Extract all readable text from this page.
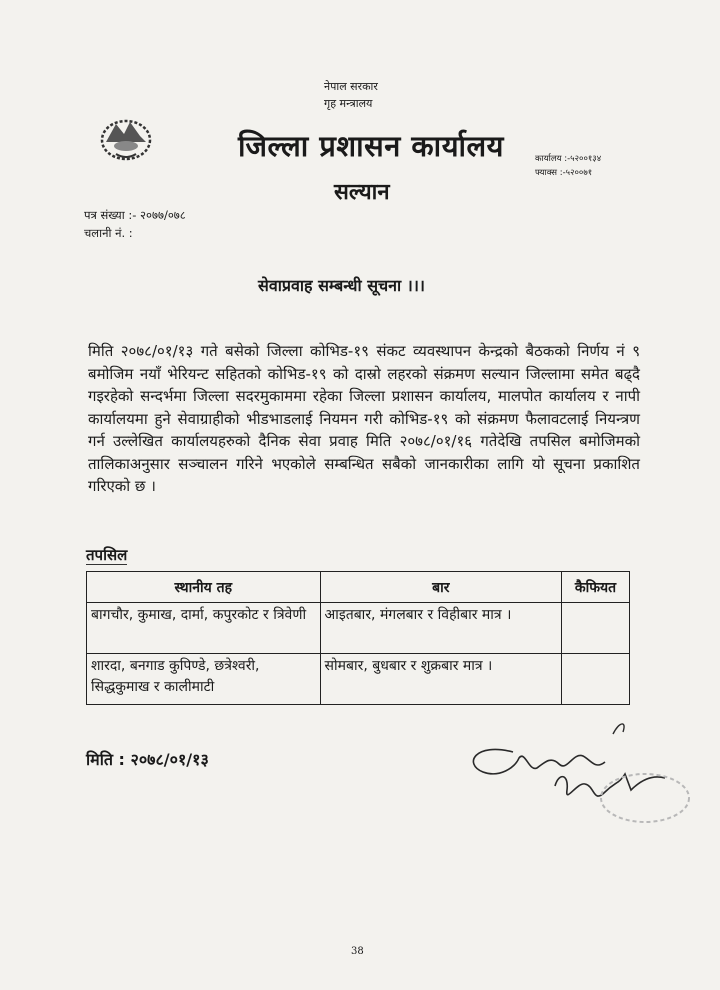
नेपाल सरकार
गृह मन्त्रालय
जिल्ला प्रशासन कार्यालय
सल्यान
कार्यालय :-५२००१३४
फ्याक्स :-५२००७१
पत्र संख्या :- २०७७/०७८
चलानी नं. :
सेवाप्रवाह सम्बन्धी सूचना ।।।
मिति २०७८/०१/१३ गते बसेको जिल्ला कोभिड-१९ संकट व्यवस्थापन केन्द्रको बैठकको निर्णय नं ९ बमोजिम नयाँ भेरियन्ट सहितको कोभिड-१९ को दास्रो लहरको संक्रमण सल्यान जिल्लामा समेत बढ्दै गइरहेको सन्दर्भमा जिल्ला सदरमुकाममा रहेका जिल्ला प्रशासन कार्यालय, मालपोत कार्यालय र नापी कार्यालयमा हुने सेवाग्राहीको भीडभाडलाई नियमन गरी कोभिड-१९ को संक्रमण फैलावटलाई नियन्त्रण गर्न उल्लेखित कार्यालयहरुको दैनिक सेवा प्रवाह मिति २०७८/०१/१६ गतेदेखि तपसिल बमोजिमको तालिकाअनुसार सञ्चालन गरिने भएकोले सम्बन्धित सबैको जानकारीका लागि यो सूचना प्रकाशित गरिएको छ ।
तपसिल
स्थानीय तह	बार	कैफियत
बागचौर, कुमाख, दार्मा, कपुरकोट र त्रिवेणी	आइतबार, मंगलबार र विहीबार मात्र ।	
शारदा, बनगाड कुपिण्डे, छत्रेश्वरी, सिद्धकुमाख र कालीमाटी	सोमबार, बुधबार र शुक्रबार मात्र ।	
मिति : २०७८/०१/१३
38
